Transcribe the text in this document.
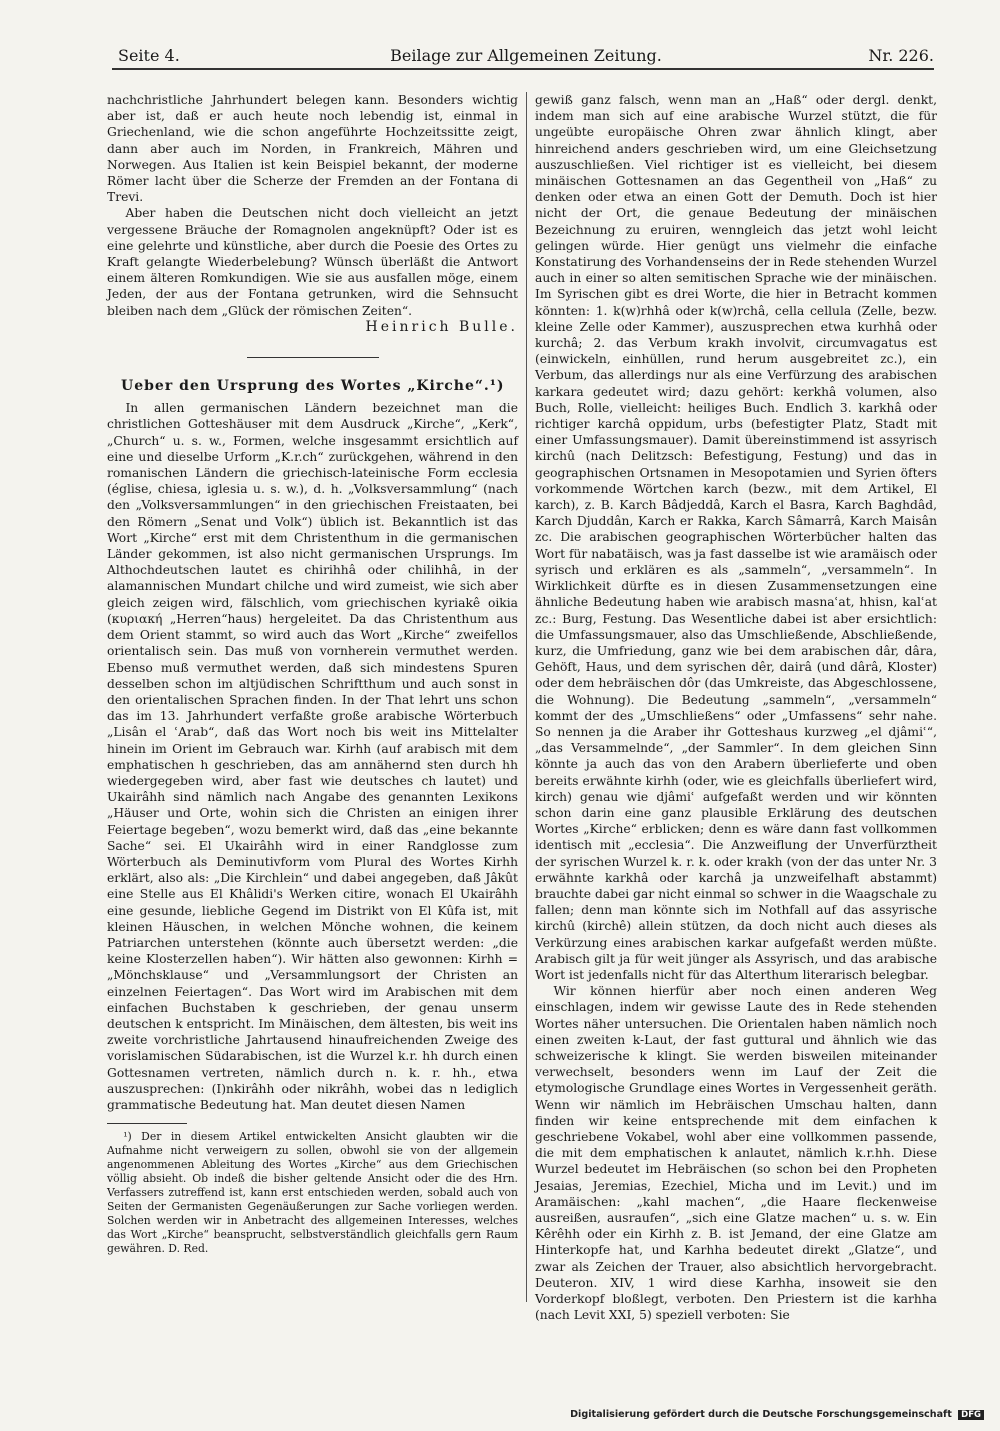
Seite 4.	Beilage zur Allgemeinen Zeitung.	Nr. 226.

nachchristliche Jahrhundert belegen kann. Besonders wichtig aber ist, daß er auch heute noch lebendig ist, einmal in Griechenland, wie die schon angeführte Hochzeitssitte zeigt, dann aber auch im Norden, in Frankreich, Mähren und Norwegen. Aus Italien ist kein Beispiel bekannt, der moderne Römer lacht über die Scherze der Fremden an der Fontana di Trevi.

Aber haben die Deutschen nicht doch vielleicht an jetzt vergessene Bräuche der Romagnolen angeknüpft? Oder ist es eine gelehrte und künstliche, aber durch die Poesie des Ortes zu Kraft gelangte Wiederbelebung? Wünsch überläßt die Antwort einem älteren Romkundigen. Wie sie aus ausfallen möge, einem Jeden, der aus der Fontana getrunken, wird die Sehnsucht bleiben nach dem „Glück der römischen Zeiten“.

Heinrich Bulle.

Ueber den Ursprung des Wortes „Kirche“.¹)

In allen germanischen Ländern bezeichnet man die christlichen Gotteshäuser mit dem Ausdruck „Kirche“, „Kerk“, „Church“ u. s. w., Formen, welche insgesammt ersichtlich auf eine und dieselbe Urform „K.r.ch“ zurückgehen, während in den romanischen Ländern die griechisch-lateinische Form ecclesia (église, chiesa, iglesia u. s. w.), d. h. „Volksversammlung“ (nach den „Volksversammlungen“ in den griechischen Freistaaten, bei den Römern „Senat und Volk“) üblich ist. Bekanntlich ist das Wort „Kirche“ erst mit dem Christenthum in die germanischen Länder gekommen, ist also nicht germanischen Ursprungs. Im Althochdeutschen lautet es chirihhâ oder chilihhâ, in der alamannischen Mundart chilche und wird zumeist, wie sich aber gleich zeigen wird, fälschlich, vom griechischen kyriakê oikia (κυριακή „Herren“haus) hergeleitet. Da das Christenthum aus dem Orient stammt, so wird auch das Wort „Kirche“ zweifellos orientalisch sein. Das muß von vornherein vermuthet werden. Ebenso muß vermuthet werden, daß sich mindestens Spuren desselben schon im altjüdischen Schriftthum und auch sonst in den orientalischen Sprachen finden. In der That lehrt uns schon das im 13. Jahrhundert verfaßte große arabische Wörterbuch „Lisân el ʿArab“, daß das Wort noch bis weit ins Mittelalter hinein im Orient im Gebrauch war. Kirhh (auf arabisch mit dem emphatischen h geschrieben, das am annähernd sten durch hh wiedergegeben wird, aber fast wie deutsches ch lautet) und Ukairâhh sind nämlich nach Angabe des genannten Lexikons „Häuser und Orte, wohin sich die Christen an einigen ihrer Feiertage begeben“, wozu bemerkt wird, daß das „eine bekannte Sache“ sei. El Ukairâhh wird in einer Randglosse zum Wörterbuch als Deminutivform vom Plural des Wortes Kirhh erklärt, also als: „Die Kirchlein“ und dabei angegeben, daß Jâkût eine Stelle aus El Khâlidi's Werken citire, wonach El Ukairâhh eine gesunde, liebliche Gegend im Distrikt von El Kûfa ist, mit kleinen Häuschen, in welchen Mönche wohnen, die keinem Patriarchen unterstehen (könnte auch übersetzt werden: „die keine Klosterzellen haben“). Wir hätten also gewonnen: Kirhh = „Mönchsklause“ und „Versammlungsort der Christen an einzelnen Feiertagen“. Das Wort wird im Arabischen mit dem einfachen Buchstaben k geschrieben, der genau unserm deutschen k entspricht. Im Minäischen, dem ältesten, bis weit ins zweite vorchristliche Jahrtausend hinaufreichenden Zweige des vorislamischen Südarabischen, ist die Wurzel k.r. hh durch einen Gottesnamen vertreten, nämlich durch n. k. r. hh., etwa auszusprechen: (I)nkirâhh oder nikrâhh, wobei das n lediglich grammatische Bedeutung hat. Man deutet diesen Namen

¹) Der in diesem Artikel entwickelten Ansicht glaubten wir die Aufnahme nicht verweigern zu sollen, obwohl sie von der allgemein angenommenen Ableitung des Wortes „Kirche“ aus dem Griechischen völlig absieht. Ob indeß die bisher geltende Ansicht oder die des Hrn. Verfassers zutreffend ist, kann erst entschieden werden, sobald auch von Seiten der Germanisten Gegenäußerungen zur Sache vorliegen werden. Solchen werden wir in Anbetracht des allgemeinen Interesses, welches das Wort „Kirche“ beansprucht, selbstverständlich gleichfalls gern Raum gewähren. D. Red.

gewiß ganz falsch, wenn man an „Haß“ oder dergl. denkt, indem man sich auf eine arabische Wurzel stützt, die für ungeübte europäische Ohren zwar ähnlich klingt, aber hinreichend anders geschrieben wird, um eine Gleichsetzung auszuschließen. Viel richtiger ist es vielleicht, bei diesem minäischen Gottesnamen an das Gegentheil von „Haß“ zu denken oder etwa an einen Gott der Demuth. Doch ist hier nicht der Ort, die genaue Bedeutung der minäischen Bezeichnung zu eruiren, wenngleich das jetzt wohl leicht gelingen würde. Hier genügt uns vielmehr die einfache Konstatirung des Vorhandenseins der in Rede stehenden Wurzel auch in einer so alten semitischen Sprache wie der minäischen. Im Syrischen gibt es drei Worte, die hier in Betracht kommen könnten: 1. k(w)rhhâ oder k(w)rchâ, cella cellula (Zelle, bezw. kleine Zelle oder Kammer), auszusprechen etwa kurhhâ oder kurchâ; 2. das Verbum krakh involvit, circumvagatus est (einwickeln, einhüllen, rund herum ausgebreitet zc.), ein Verbum, das allerdings nur als eine Verfürzung des arabischen karkara gedeutet wird; dazu gehört: kerkhâ volumen, also Buch, Rolle, vielleicht: heiliges Buch. Endlich 3. karkhâ oder richtiger karchâ oppidum, urbs (befestigter Platz, Stadt mit einer Umfassungsmauer). Damit übereinstimmend ist assyrisch kirchû (nach Delitzsch: Befestigung, Festung) und das in geographischen Ortsnamen in Mesopotamien und Syrien öfters vorkommende Wörtchen karch (bezw., mit dem Artikel, El karch), z. B. Karch Bâdjeddâ, Karch el Basra, Karch Baghdâd, Karch Djuddân, Karch er Rakka, Karch Sâmarrâ, Karch Maisân zc. Die arabischen geographischen Wörterbücher halten das Wort für nabatäisch, was ja fast dasselbe ist wie aramäisch oder syrisch und erklären es als „sammeln“, „versammeln“. In Wirklichkeit dürfte es in diesen Zusammensetzungen eine ähnliche Bedeutung haben wie arabisch masnaʿat, hhisn, kalʿat zc.: Burg, Festung. Das Wesentliche dabei ist aber ersichtlich: die Umfassungsmauer, also das Umschließende, Abschließende, kurz, die Umfriedung, ganz wie bei dem arabischen dâr, dâra, Gehöft, Haus, und dem syrischen dêr, dairâ (und dârâ, Kloster) oder dem hebräischen dôr (das Umkreiste, das Abgeschlossene, die Wohnung). Die Bedeutung „sammeln“, „versammeln“ kommt der des „Umschließens“ oder „Umfassens“ sehr nahe. So nennen ja die Araber ihr Gotteshaus kurzweg „el djâmiʿ“, „das Versammelnde“, „der Sammler“. In dem gleichen Sinn könnte ja auch das von den Arabern überlieferte und oben bereits erwähnte kirhh (oder, wie es gleichfalls überliefert wird, kirch) genau wie djâmiʿ aufgefaßt werden und wir könnten schon darin eine ganz plausible Erklärung des deutschen Wortes „Kirche“ erblicken; denn es wäre dann fast vollkommen identisch mit „ecclesia“. Die Anzweiflung der Unverfürztheit der syrischen Wurzel k. r. k. oder krakh (von der das unter Nr. 3 erwähnte karkhâ oder karchâ ja unzweifelhaft abstammt) brauchte dabei gar nicht einmal so schwer in die Waagschale zu fallen; denn man könnte sich im Nothfall auf das assyrische kirchû (kirchê) allein stützen, da doch nicht auch dieses als Verkürzung eines arabischen karkar aufgefaßt werden müßte. Arabisch gilt ja für weit jünger als Assyrisch, und das arabische Wort ist jedenfalls nicht für das Alterthum literarisch belegbar.

Wir können hierfür aber noch einen anderen Weg einschlagen, indem wir gewisse Laute des in Rede stehenden Wortes näher untersuchen. Die Orientalen haben nämlich noch einen zweiten k-Laut, der fast guttural und ähnlich wie das schweizerische k klingt. Sie werden bisweilen miteinander verwechselt, besonders wenn im Lauf der Zeit die etymologische Grundlage eines Wortes in Vergessenheit geräth. Wenn wir nämlich im Hebräischen Umschau halten, dann finden wir keine entsprechende mit dem einfachen k geschriebene Vokabel, wohl aber eine vollkommen passende, die mit dem emphatischen k anlautet, nämlich k.r.hh. Diese Wurzel bedeutet im Hebräischen (so schon bei den Propheten Jesaias, Jeremias, Ezechiel, Micha und im Levit.) und im Aramäischen: „kahl machen“, „die Haare fleckenweise ausreißen, ausraufen“, „sich eine Glatze machen“ u. s. w. Ein Kêrêhh oder ein Kirhh z. B. ist Jemand, der eine Glatze am Hinterkopfe hat, und Karhha bedeutet direkt „Glatze“, und zwar als Zeichen der Trauer, also absichtlich hervorgebracht. Deuteron. XIV, 1 wird diese Karhha, insoweit sie den Vorderkopf bloßlegt, verboten. Den Priestern ist die karhha (nach Levit XXI, 5) speziell verboten: Sie

Digitalisierung gefördert durch die Deutsche Forschungsgemeinschaft DFG
